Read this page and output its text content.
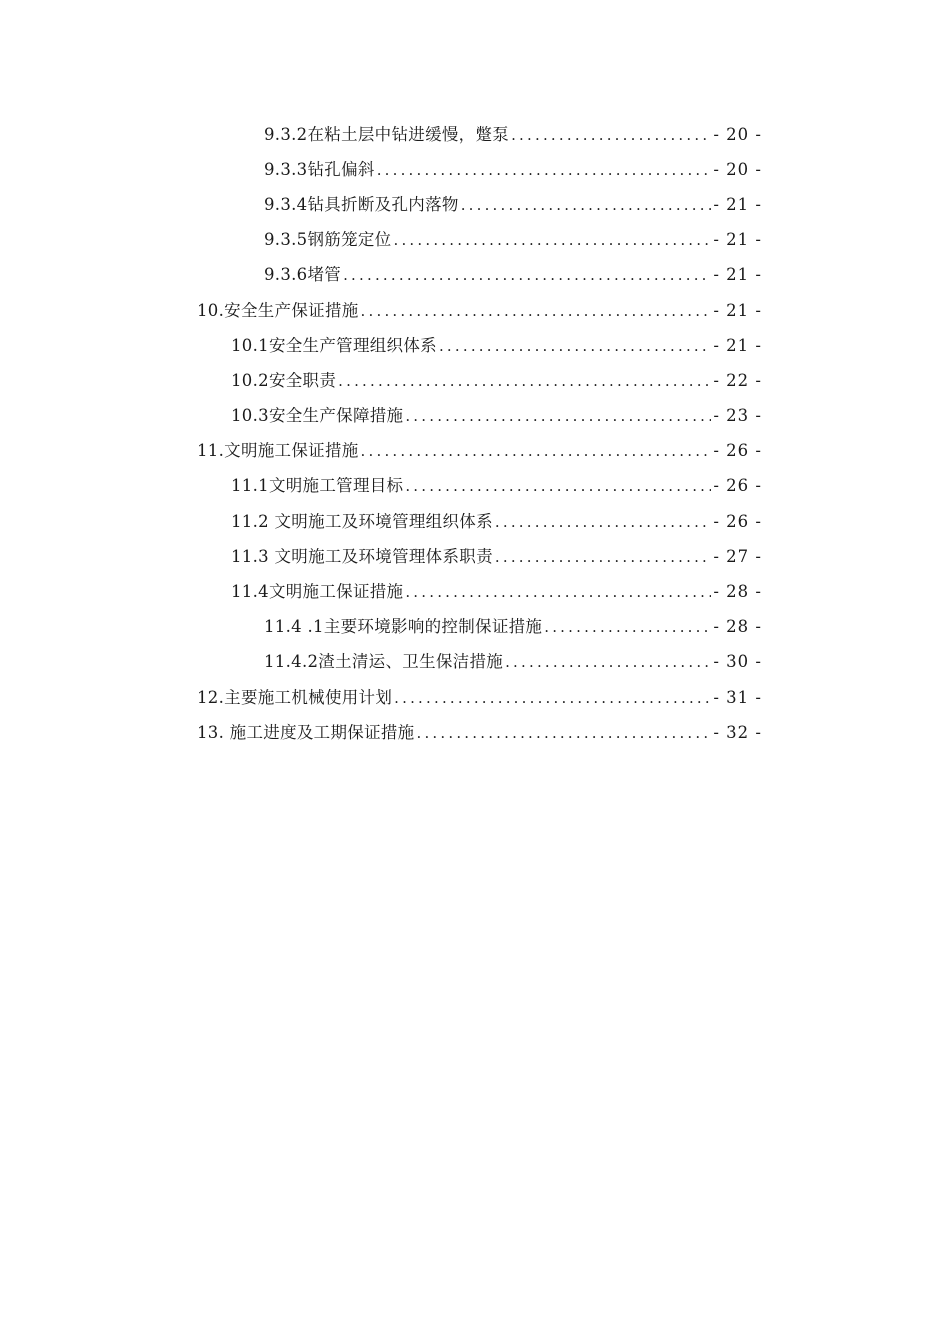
9.3.2在粘土层中钻进缓慢，蹩泵 .....	- 20 -
9.3.3钻孔偏斜 .....	- 20 -
9.3.4钻具折断及孔内落物 .....	- 21 -
9.3.5钢筋笼定位 .....	- 21 -
9.3.6堵管 .....	- 21 -
10.安全生产保证措施 .....	- 21 -
10.1安全生产管理组织体系 .....	- 21 -
10.2安全职责 .....	- 22 -
10.3安全生产保障措施 .....	- 23 -
11.文明施工保证措施 .....	- 26 -
11.1文明施工管理目标 .....	- 26 -
11.2 文明施工及环境管理组织体系 .....	- 26 -
11.3 文明施工及环境管理体系职责 .....	- 27 -
11.4文明施工保证措施 .....	- 28 -
11.4 .1主要环境影响的控制保证措施 .....	- 28 -
11.4.2渣土清运、卫生保洁措施 .....	- 30 -
12.主要施工机械使用计划 .....	- 31 -
13. 施工进度及工期保证措施 .....	- 32 -
